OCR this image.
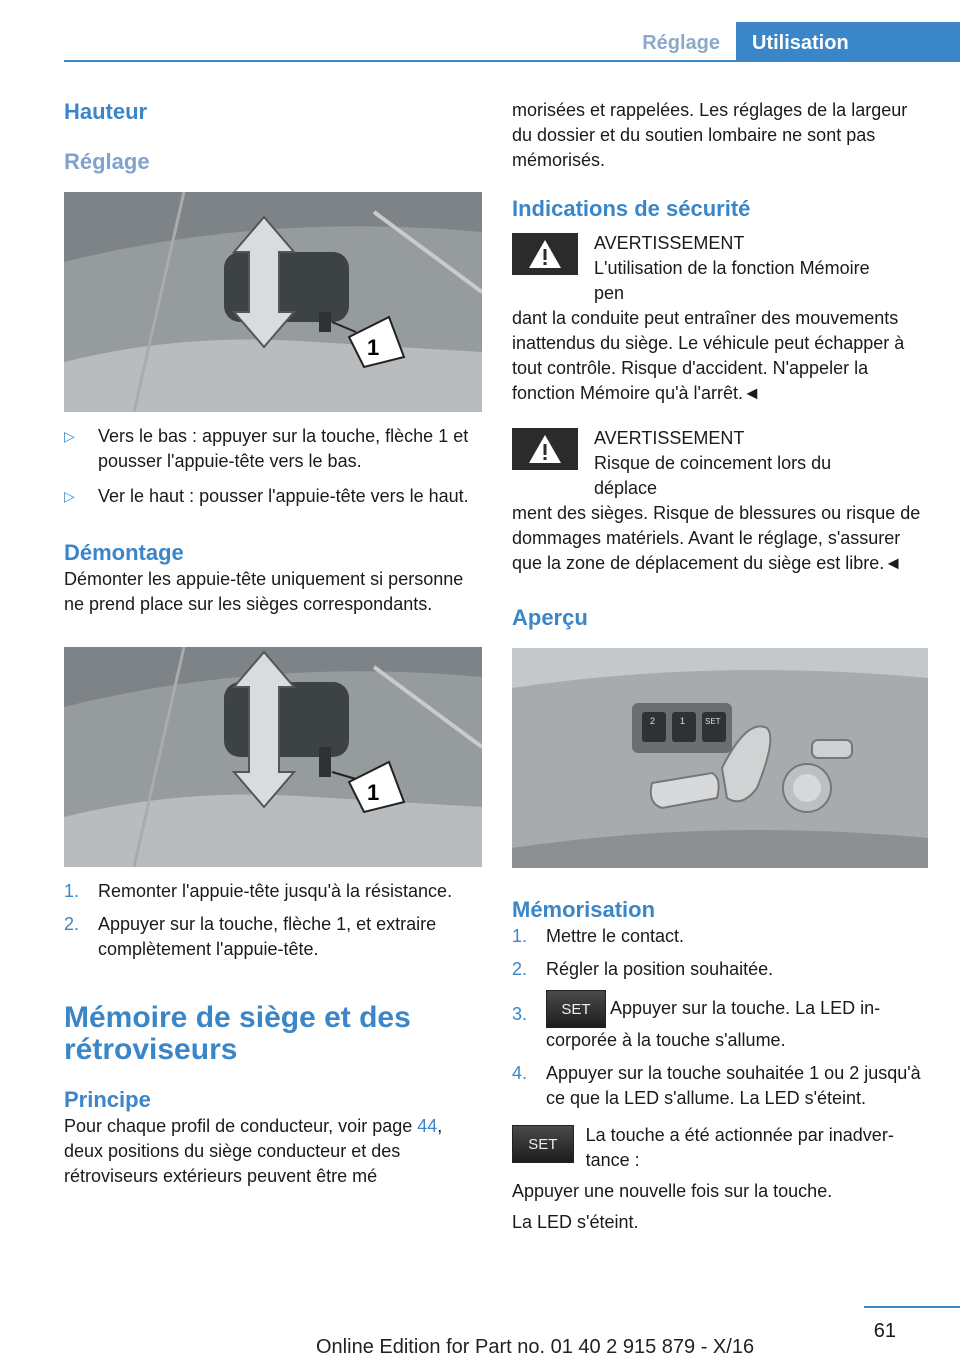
Réglage	Utilisation
Hauteur
Réglage
1
▷	Vers le bas : appuyer sur la touche, flèche 1 et pousser l'appuie-tête vers le bas.
▷	Ver le haut : pousser l'appuie-tête vers le haut.
Démontage

Démonter les appuie-tête uniquement si personne ne prend place sur les sièges correspondants.

1
1.	Remonter l'appuie-tête jusqu'à la résistance.
2.	Appuyer sur la touche, flèche 1, et extraire complètement l'appuie-tête.
Mémoire de siège et des rétroviseurs
Principe

Pour chaque profil de conducteur, voir page 44, deux positions du siège conducteur et des rétroviseurs extérieurs peuvent être mé

morisées et rappelées. Les réglages de la largeur du dossier et du soutien lombaire ne sont pas mémorisés.

Indications de sécurité

AVERTISSEMENT

L'utilisation de la fonction Mémoire pen

dant la conduite peut entraîner des mouvements inattendus du siège. Le véhicule peut échapper à tout contrôle. Risque d'accident. N'appeler la fonction Mémoire qu'à l'arrêt.◄

AVERTISSEMENT

Risque de coincement lors du déplace

ment des sièges. Risque de blessures ou risque de dommages matériels. Avant le réglage, s'assurer que la zone de déplacement du siège est libre.◄

Aperçu
2	1 SET
Mémorisation
1.	Mettre le contact.
2.	Régler la position souhaitée.
3.	SET Appuyer sur la touche. La LED incorporée à la touche s'allume.
4.	Appuyer sur la touche souhaitée 1 ou 2 jusqu'à ce que la LED s'allume. La LED s'éteint.
SET	La touche a été actionnée par inadvertance :

Appuyer une nouvelle fois sur la touche.

La LED s'éteint.

61
Online Edition for Part no. 01 40 2 915 879 - X/16
